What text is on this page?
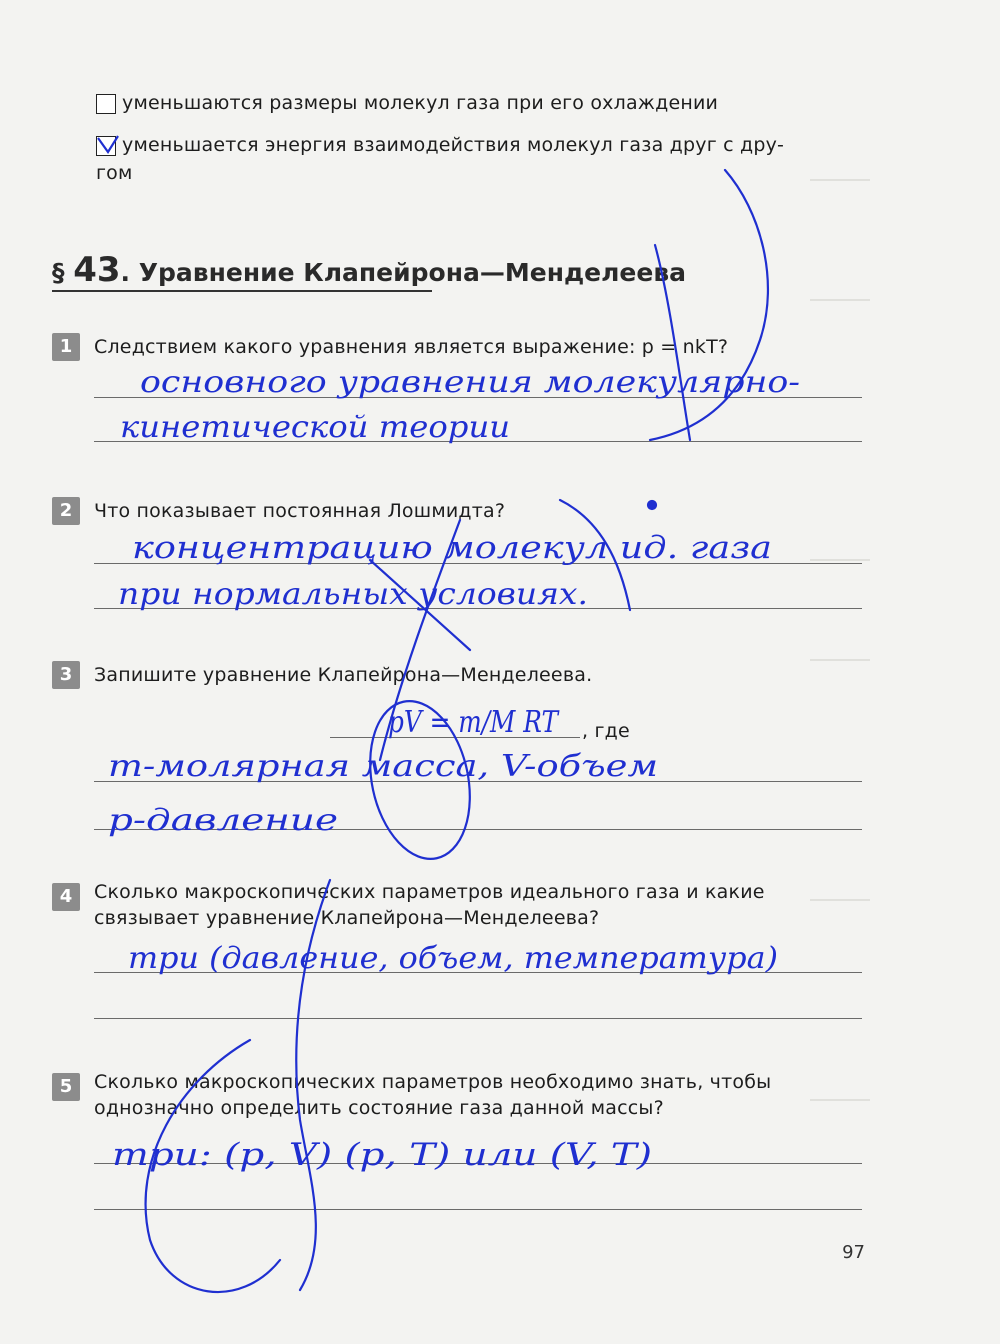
уменьшаются размеры молекул газа при его охлаждении
уменьшается энергия взаимодействия молекул газа друг с дру-
гом
§ 43. Уравнение Клапейрона—Менделеева
1	Следствием какого уравнения является выражение: p = nkT?
2	Что показывает постоянная Лошмидта?
3	Запишите уравнение Клапейрона—Менделеева.
, где
4	Сколько макроскопических параметров идеального газа и какие
связывает уравнение Клапейрона—Менделеева?
5	Сколько макроскопических параметров необходимо знать, чтобы
однозначно определить состояние газа данной массы?
97
основного уравнения молекулярно-
кинетической теории
концентрацию молекул ид. газа
при нормальных условиях.
pV = m/M RT
m-молярная масса, V-объем
p-давление
три (давление, объем, температура)
три: (p, V) (p, T) или (V, T)
